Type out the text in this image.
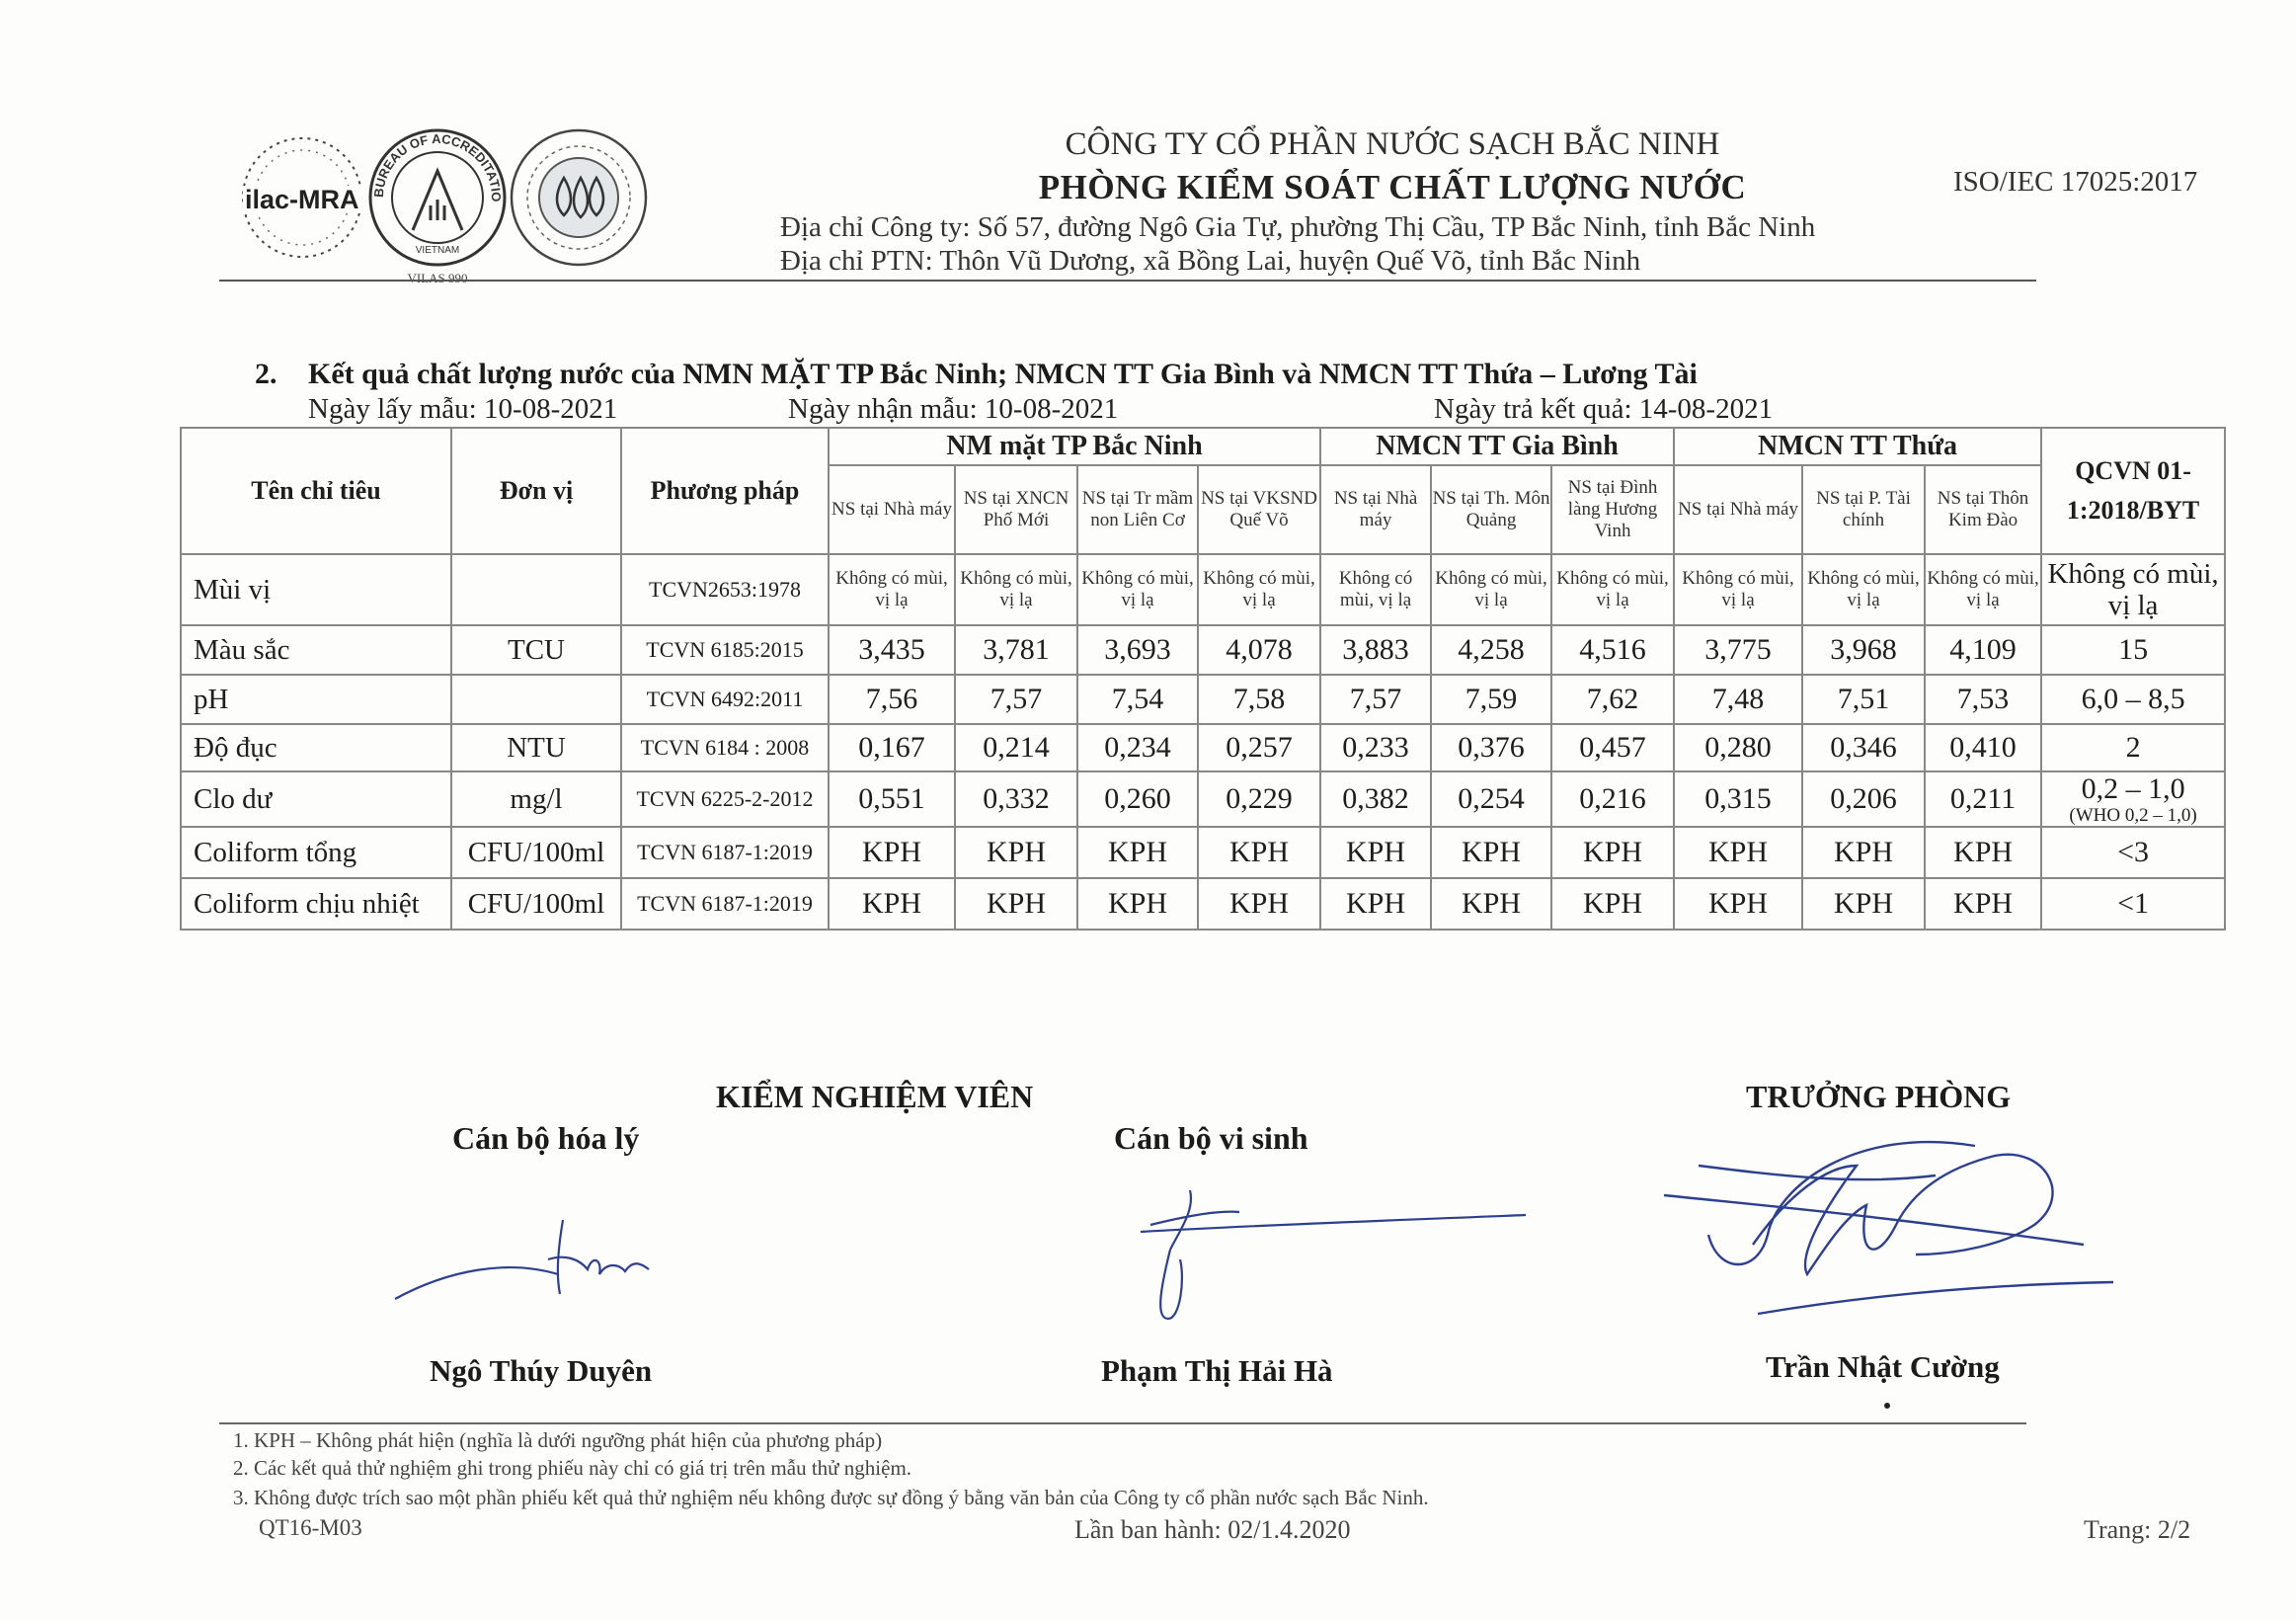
ilac-MRA BUREAU OF ACCREDITATIO
VIETNAM
VILAS 990
CÔNG TY CỔ PHẦN NƯỚC SẠCH BẮC NINH
PHÒNG KIỂM SOÁT CHẤT LƯỢNG NƯỚC
Địa chỉ Công ty: Số 57, đường Ngô Gia Tự, phường Thị Cầu, TP Bắc Ninh, tỉnh Bắc Ninh
Địa chỉ PTN: Thôn Vũ Dương, xã Bồng Lai, huyện Quế Võ, tỉnh Bắc Ninh
ISO/IEC 17025:2017
2. Kết quả chất lượng nước của NMN MẶT TP Bắc Ninh; NMCN TT Gia Bình và NMCN TT Thứa – Lương Tài
Ngày lấy mẫu: 10-08-2021	Ngày nhận mẫu: 10-08-2021	Ngày trả kết quả: 14-08-2021
Tên chỉ tiêu	Đơn vị	Phương pháp	NM mặt TP Bắc Ninh				NMCN TT Gia Bình			NMCN TT Thứa			QCVN 01-1:2018/BYT
			NS tại Nhà máy	NS tại XNCN Phố Mới	NS tại Tr mầm non Liên Cơ	NS tại VKSND Quế Võ	NS tại Nhà máy	NS tại Th. Môn Quảng	NS tại Đình làng Hương Vinh	NS tại Nhà máy	NS tại P. Tài chính	NS tại Thôn Kim Đào	
Mùi vị		TCVN2653:1978	Không có mùi, vị lạ	Không có mùi, vị lạ	Không có mùi, vị lạ	Không có mùi, vị lạ	Không có mùi, vị lạ	Không có mùi, vị lạ	Không có mùi, vị lạ	Không có mùi, vị lạ	Không có mùi, vị lạ	Không có mùi, vị lạ	Không có mùi, vị lạ
Màu sắc	TCU	TCVN 6185:2015	3,435	3,781	3,693	4,078	3,883	4,258	4,516	3,775	3,968	4,109	15
pH		TCVN 6492:2011	7,56	7,57	7,54	7,58	7,57	7,59	7,62	7,48	7,51	7,53	6,0 – 8,5
Độ đục	NTU	TCVN 6184 : 2008	0,167	0,214	0,234	0,257	0,233	0,376	0,457	0,280	0,346	0,410	2
Clo dư	mg/l	TCVN 6225-2-2012	0,551	0,332	0,260	0,229	0,382	0,254	0,216	0,315	0,206	0,211	0,2 – 1,0
(WHO 0,2 – 1,0)

Coliform tổng	CFU/100ml	TCVN 6187-1:2019	KPH	KPH	KPH	KPH	KPH	KPH	KPH	KPH	KPH	KPH	<3
Coliform chịu nhiệt	CFU/100ml	TCVN 6187-1:2019	KPH	KPH	KPH	KPH	KPH	KPH	KPH	KPH	KPH	KPH	<1
KIỂM NGHIỆM VIÊN
Cán bộ hóa lý	Cán bộ vi sinh
TRƯỞNG PHÒNG
Ngô Thúy Duyên	Phạm Thị Hải Hà	Trần Nhật Cường
1. KPH – Không phát hiện (nghĩa là dưới ngưỡng phát hiện của phương pháp)
2. Các kết quả thử nghiệm ghi trong phiếu này chỉ có giá trị trên mẫu thử nghiệm.
3. Không được trích sao một phần phiếu kết quả thử nghiệm nếu không được sự đồng ý bằng văn bản của Công ty cổ phần nước sạch Bắc Ninh.
QT16-M03	Lần ban hành: 02/1.4.2020	Trang: 2/2
